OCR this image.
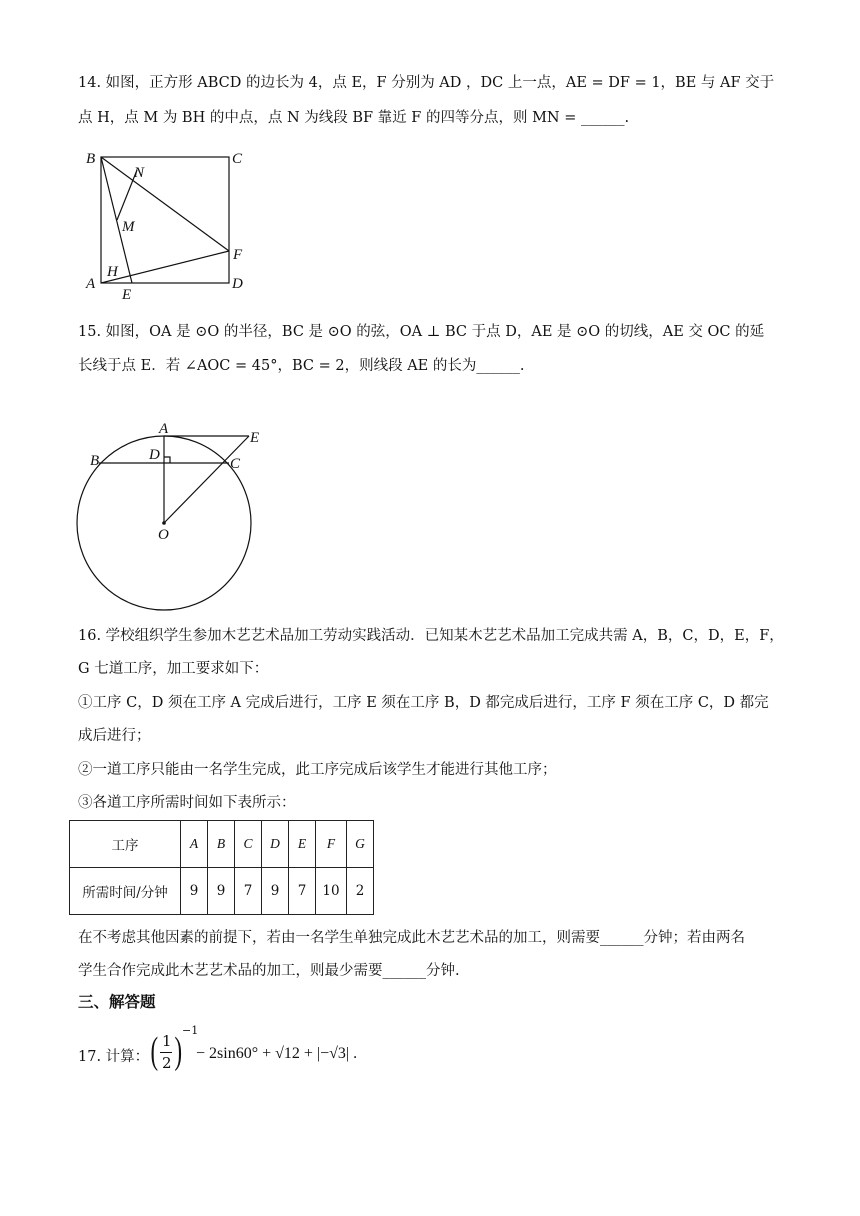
14. 如图，正方形 ABCD 的边长为 4，点 E，F 分别为 AD ，DC 上一点，AE = DF = 1，BE 与 AF 交于
点 H，点 M 为 BH 的中点，点 N 为线段 BF 靠近 F 的四等分点，则 MN = ______.
B	C
N
M
F
H
A
E
D
15. 如图，OA 是 ⊙O 的半径，BC 是 ⊙O 的弦，OA ⊥ BC 于点 D，AE 是 ⊙O 的切线，AE 交 OC 的延
长线于点 E．若 ∠AOC = 45°，BC = 2，则线段 AE 的长为______.
A
E
B	D
C
O
16. 学校组织学生参加木艺艺术品加工劳动实践活动．已知某木艺艺术品加工完成共需 A，B，C，D，E，F，
G 七道工序，加工要求如下：
①工序 C，D 须在工序 A 完成后进行，工序 E 须在工序 B，D 都完成后进行，工序 F 须在工序 C，D 都完
成后进行；
②一道工序只能由一名学生完成，此工序完成后该学生才能进行其他工序；
③各道工序所需时间如下表所示：
工序	A	B	C	D	E	F	G
所需时间/分钟	9	9	7	9	7	10	2
在不考虑其他因素的前提下，若由一名学生单独完成此木艺艺术品的加工，则需要______分钟；若由两名
学生合作完成此木艺艺术品的加工，则最少需要______分钟.
三、解答题
17. 计算： ( 1
2 ) −1
− 2sin60° + √12 + |−√3| .
